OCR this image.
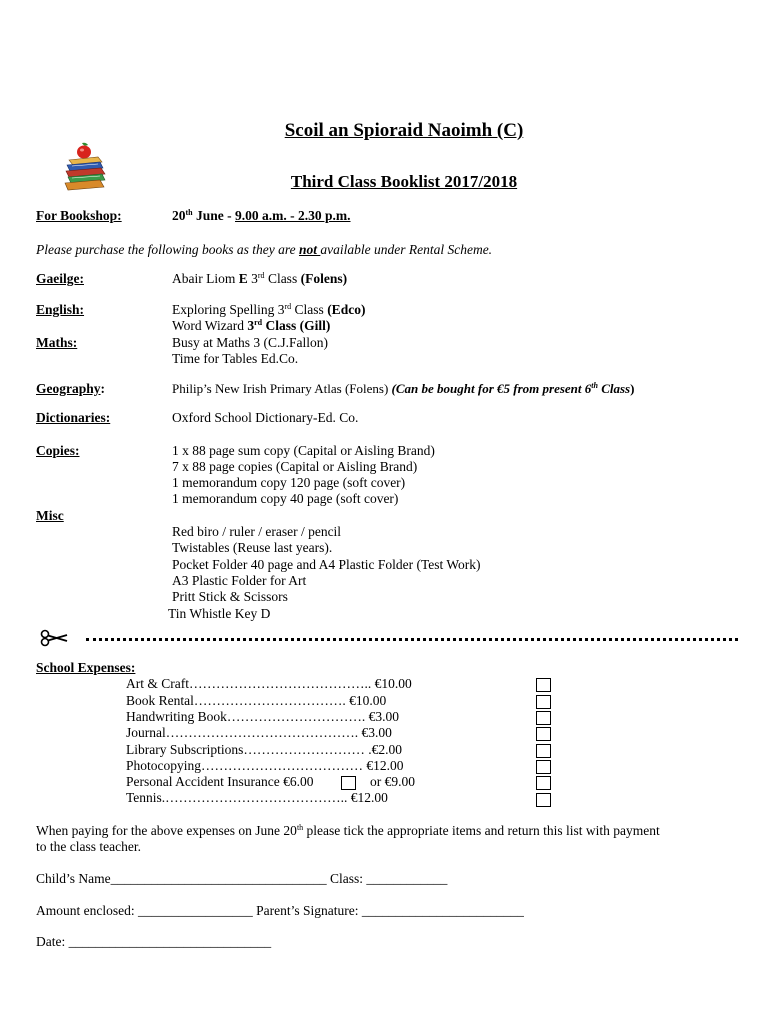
Scoil an Spioraid Naoimh (C)
Third Class Booklist 2017/2018
For Bookshop:	20th June - 9.00 a.m. - 2.30 p.m.
Please purchase the following books as they are not available under Rental Scheme.
Gaeilge:	Abair Liom E 3rd Class (Folens)
English:	Exploring Spelling 3rd Class (Edco)
Word Wizard 3rd Class (Gill)
Maths:	Busy at Maths 3 (C.J.Fallon)
Time for Tables Ed.Co.
Geography:	Philip’s New Irish Primary Atlas (Folens) (Can be bought for €5 from present 6th Class)
Dictionaries:	Oxford School Dictionary-Ed. Co.
Copies:	1 x 88 page sum copy (Capital or Aisling Brand)
7 x 88 page copies (Capital or Aisling Brand)
1 memorandum copy 120 page (soft cover)
1 memorandum copy 40 page (soft cover)
Misc
Red biro / ruler / eraser / pencil
Twistables (Reuse last years).
Pocket Folder 40 page and A4 Plastic Folder (Test Work)
A3 Plastic Folder for Art
Pritt Stick & Scissors
Tin Whistle Key D
School Expenses:
Art & Craft………………………………….. €10.00
Book Rental……………………………. €10.00
Handwriting Book…………………………. €3.00
Journal……………………………………. €3.00
Library Subscriptions……………………… .€2.00
Photocopying……………………………… €12.00
Personal Accident Insurance €6.00	or €9.00
Tennis.………………………………….. €12.00
When paying for the above expenses on June 20th please tick the appropriate items and return this list with payment
to the class teacher.
Child’s Name________________________________ Class: ____________
Amount enclosed: _________________ Parent’s Signature: ________________________
Date: ______________________________
